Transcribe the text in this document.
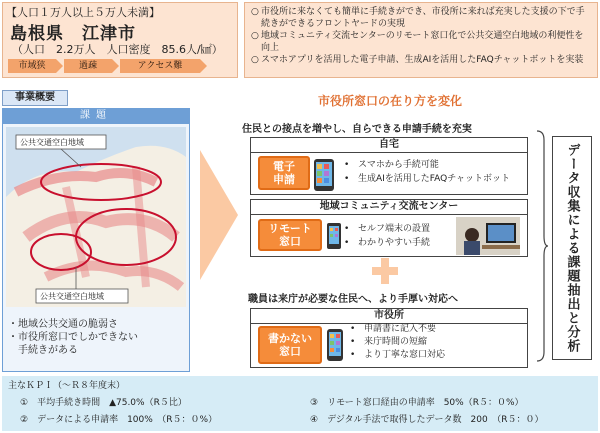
【人口１万人以上５万人未満】
島根県　江津市
（人口　2.2万人　人口密度　85.6人/㎢）
市域狭	過疎	アクセス難
○ 市役所に来なくても簡単に手続きができ、市役所に来れば充実した支援の下で手続きができるフロントヤードの実現
○ 地域コミュニティ交流センターのリモート窓口化で公共交通空白地域の利便性を向上
○ スマホアプリを活用した電子申請、生成AIを活用したFAQチャットボットを実装
事業概要
課題
公共交通空白地域
公共交通空白地域
・地域公共交通の脆弱さ
・市役所窓口でしかできない
　手続きがある
市役所窓口の在り方を変化
住民との接点を増やし、自らできる申請手続を充実
自宅
電子
申請
• スマホから手続可能
• 生成AIを活用したFAQチャットボット
地域コミュニティ交流センター
リモート
窓口
• セルフ端末の設置
• わかりやすい手続
職員は来庁が必要な住民へ、より手厚い対応へ
市役所
書かない
窓口
• 申請書に記入不要
• 来庁時間の短縮
• より丁寧な窓口対応
データ収集による課題抽出と分析
主なＫＰＩ（〜Ｒ８年度末）
①　平均手続き時間　▲75.0%（R５比）
②　データによる申請率　100%　（R５：０%）
③　リモート窓口経由の申請率　50%（R５：０%）
④　デジタル手法で取得したデータ数　200　（R５：０）
